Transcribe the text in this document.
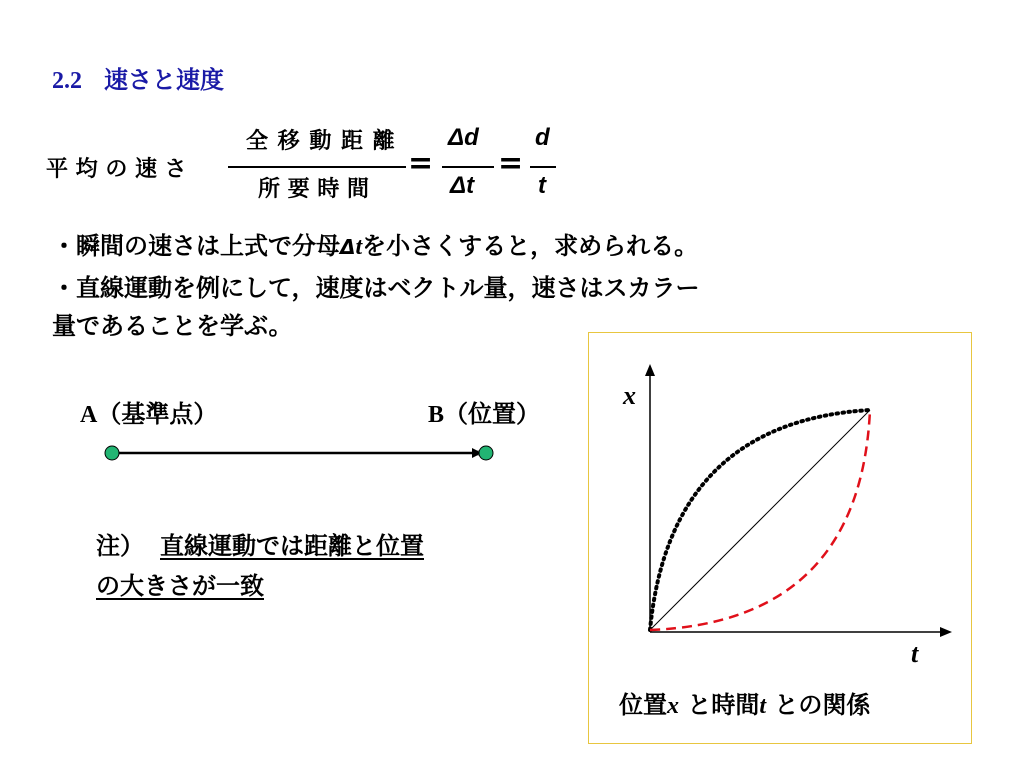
2.2 速さと速度
平 均 の 速 さ
全 移 動 距 離
所 要 時 間
=
Δd
Δt
=
d
t
・瞬間の速さは上式で分母Δtを小さくすると，求められる。
・直線運動を例にして，速度はベクトル量，速さはスカラー
量であることを学ぶ。
A（基準点）	B（位置）
注） 直線運動では距離と位置
の大きさが一致
x
t
位置x と時間t との関係
